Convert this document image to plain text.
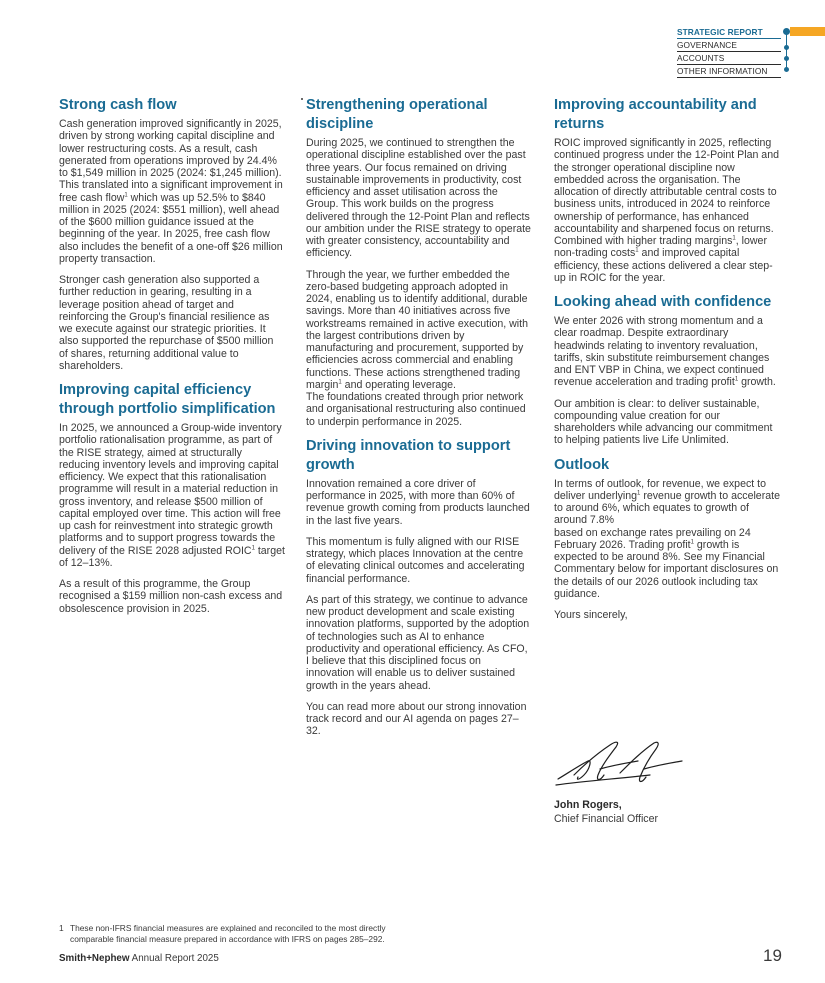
STRATEGIC REPORT
GOVERNANCE
ACCOUNTS
OTHER INFORMATION
Strong cash flow

Cash generation improved significantly in 2025, driven by strong working capital discipline and lower restructuring costs. As a result, cash generated from operations improved by 24.4% to $1,549 million in 2025 (2024: $1,245 million). This translated into a significant improvement in free cash flow$^1$ which was up 52.5% to $840 million in 2025 (2024: $551 million), well ahead of the $600 million guidance issued at the beginning of the year. In 2025, free cash flow also includes the benefit of a one-off $26 million property transaction.

Stronger cash generation also supported a further reduction in gearing, resulting in a leverage position ahead of target and reinforcing the Group's financial resilience as we execute against our strategic priorities. It also supported the repurchase of $500 million of shares, returning additional value to shareholders.

Improving capital efficiency through portfolio simplification

In 2025, we announced a Group-wide inventory portfolio rationalisation programme, as part of the RISE strategy, aimed at structurally reducing inventory levels and improving capital efficiency. We expect that this rationalisation programme will result in a material reduction in gross inventory, and release $500 million of capital employed over time. This action will free up cash for reinvestment into strategic growth platforms and to support progress towards the delivery of the RISE 2028 adjusted ROIC$^1$ target of 12–13%.

As a result of this programme, the Group recognised a $159 million non-cash excess and obsolescence provision in 2025.

Strengthening operational discipline

During 2025, we continued to strengthen the operational discipline established over the past three years. Our focus remained on driving sustainable improvements in productivity, cost efficiency and asset utilisation across the Group. This work builds on the progress delivered through the 12-Point Plan and reflects our ambition under the RISE strategy to operate with greater consistency, accountability and efficiency.

Through the year, we further embedded the zero-based budgeting approach adopted in 2024, enabling us to identify additional, durable savings. More than 40 initiatives across five workstreams remained in active execution, with the largest contributions driven by manufacturing and procurement, supported by efficiencies across commercial and enabling functions. These actions strengthened trading margin$^1$ and operating leverage.
The foundations created through prior network and organisational restructuring also continued to underpin performance in 2025.

Driving innovation to support growth

Innovation remained a core driver of performance in 2025, with more than 60% of revenue growth coming from products launched in the last five years.

This momentum is fully aligned with our RISE strategy, which places Innovation at the centre of elevating clinical outcomes and accelerating financial performance.

As part of this strategy, we continue to advance new product development and scale existing innovation platforms, supported by the adoption of technologies such as AI to enhance productivity and operational efficiency. As CFO, I believe that this disciplined focus on innovation will enable us to deliver sustained growth in the years ahead.

You can read more about our strong innovation track record and our AI agenda on pages 27–32.

Improving accountability and returns

ROIC improved significantly in 2025, reflecting continued progress under the 12-Point Plan and the stronger operational discipline now embedded across the organisation. The allocation of directly attributable central costs to business units, introduced in 2024 to reinforce ownership of performance, has enhanced accountability and sharpened focus on returns. Combined with higher trading margins$^1$, lower non-trading costs$^1$ and improved capital efficiency, these actions delivered a clear step-up in ROIC for the year.

Looking ahead with confidence

We enter 2026 with strong momentum and a clear roadmap. Despite extraordinary headwinds relating to inventory revaluation, tariffs, skin substitute reimbursement changes and ENT VBP in China, we expect continued revenue acceleration and trading profit$^1$ growth.

Our ambition is clear: to deliver sustainable, compounding value creation for our shareholders while advancing our commitment to helping patients live Life Unlimited.

Outlook

In terms of outlook, for revenue, we expect to deliver underlying$^1$ revenue growth to accelerate to around 6%, which equates to growth of around 7.8%
based on exchange rates prevailing on 24 February 2026. Trading profit$^1$ growth is expected to be around 8%. See my Financial Commentary below for important disclosures on the details of our 2026 outlook including tax guidance.

Yours sincerely,

John Rogers,
Chief Financial Officer
1 These non-IFRS financial measures are explained and reconciled to the most directly
comparable financial measure prepared in accordance with IFRS on pages 285–292.
Smith+Nephew Annual Report 2025	19
